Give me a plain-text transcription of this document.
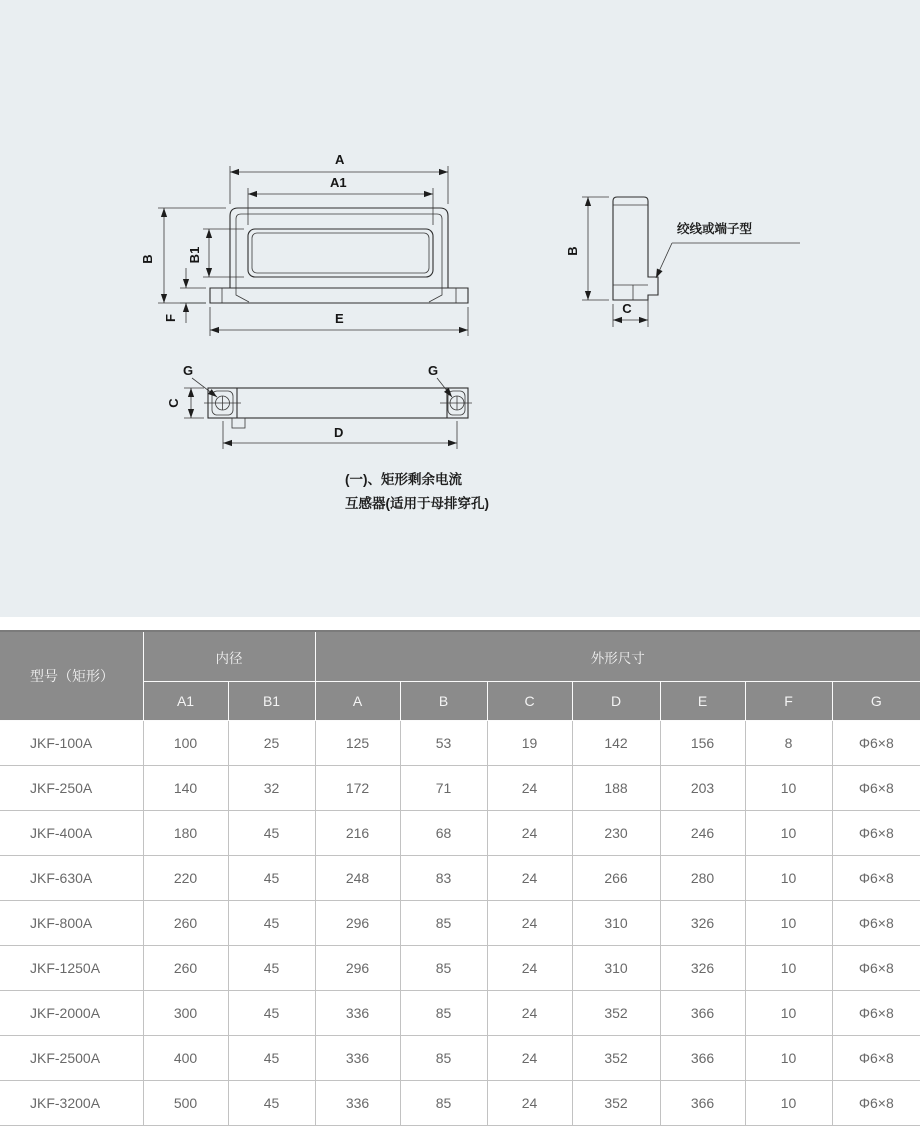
A
A1
B B1
F	E
B
C
绞线或端子型
G	G
C
D
(一)、矩形剩余电流
互感器(适用于母排穿孔)
型号（矩形）	内径		外形尺寸						
	A1	B1	A	B	C	D	E	F	G
JKF-100A	100	25	125	53	19	142	156	8	Φ6×8
JKF-250A	140	32	172	71	24	188	203	10	Φ6×8
JKF-400A	180	45	216	68	24	230	246	10	Φ6×8
JKF-630A	220	45	248	83	24	266	280	10	Φ6×8
JKF-800A	260	45	296	85	24	310	326	10	Φ6×8
JKF-1250A	260	45	296	85	24	310	326	10	Φ6×8
JKF-2000A	300	45	336	85	24	352	366	10	Φ6×8
JKF-2500A	400	45	336	85	24	352	366	10	Φ6×8
JKF-3200A	500	45	336	85	24	352	366	10	Φ6×8
